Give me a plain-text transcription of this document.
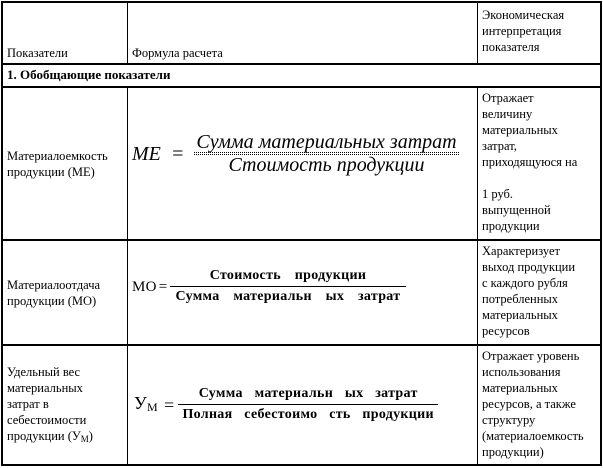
Показатели	Формула расчета
Экономическая
интерпретация
показателя
1. Обобщающие показатели
Материалоемкость
продукции (МЕ)
ME = $\frac{\text{Сумма материальных затрат}}{\text{Стоимость продукции}}$
Отражает
величину
материальных
затрат,
приходящуюся на
1 руб.
выпущенной
продукции
Материалоотдача
продукции (МО)
МО = $\frac{\text{Стоимость продукции}}{\text{Сумма материальн ых затрат}}$
Характеризует
выход продукции
с каждого рубля
потребленных
материальных
ресурсов
Удельный вес
материальных
затрат в
себестоимости
продукции $(У_М)$
$У_М = \frac{\text{Сумма материальн ых затрат}}{\text{Полная себестоимо сть продукции}}$
Отражает уровень
использования
материальных
ресурсов, а также
структуру
(материалоемкость
продукции)
